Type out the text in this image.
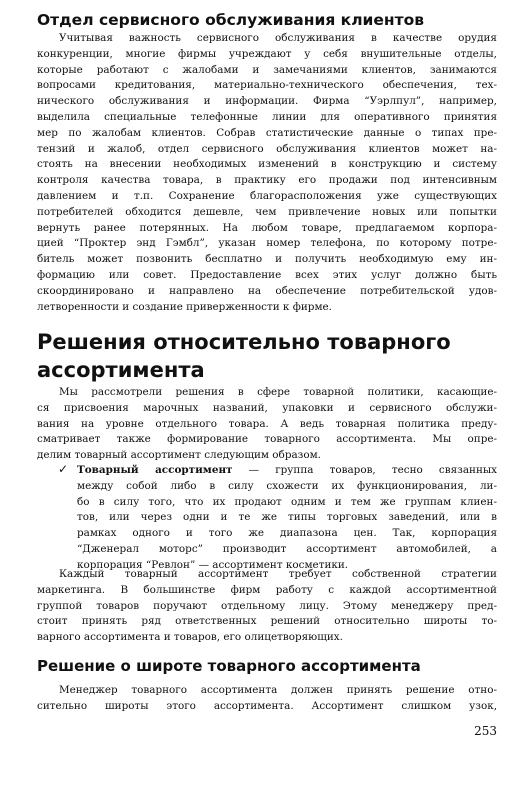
Отдел сервисного обслуживания клиентов
Учитывая важность сервисного обслуживания в качестве орудия
конкуренции, многие фирмы учреждают у себя внушительные отделы,
которые работают с жалобами и замечаниями клиентов, занимаются
вопросами кредитования, материально-технического обеспечения, тех-
нического обслуживания и информации. Фирма “Уэрлпул”, например,
выделила специальные телефонные линии для оперативного принятия
мер по жалобам клиентов. Собрав статистические данные о типах пре-
тензий и жалоб, отдел сервисного обслуживания клиентов может на-
стоять на внесении необходимых изменений в конструкцию и систему
контроля качества товара, в практику его продажи под интенсивным
давлением и т.п. Сохранение благорасположения уже существующих
потребителей обходится дешевле, чем привлечение новых или попытки
вернуть ранее потерянных. На любом товаре, предлагаемом корпора-
цией “Проктер энд Гэмбл”, указан номер телефона, по которому потре-
битель может позвонить бесплатно и получить необходимую ему ин-
формацию или совет. Предоставление всех этих услуг должно быть
скоординировано и направлено на обеспечение потребительской удов-
летворенности и создание приверженности к фирме.
Решения относительно товарного ассортимента
Мы рассмотрели решения в сфере товарной политики, касающие-
ся присвоения марочных названий, упаковки и сервисного обслужи-
вания на уровне отдельного товара. А ведь товарная политика преду-
сматривает также формирование товарного ассортимента. Мы опре-
делим товарный ассортимент следующим образом.
✓ Товарный ассортимент — группа товаров, тесно связанных
между собой либо в силу схожести их функционирования, ли-
бо в силу того, что их продают одним и тем же группам клиен-
тов, или через одни и те же типы торговых заведений, или в
рамках одного и того же диапазона цен. Так, корпорация
“Дженерал моторс” производит ассортимент автомобилей, а
корпорация “Ревлон” — ассортимент косметики.
Каждый товарный ассортимент требует собственной стратегии
маркетинга. В большинстве фирм работу с каждой ассортиментной
группой товаров поручают отдельному лицу. Этому менеджеру пред-
стоит принять ряд ответственных решений относительно широты то-
варного ассортимента и товаров, его олицетворяющих.
Решение о широте товарного ассортимента
Менеджер товарного ассортимента должен принять решение отно-
сительно широты этого ассортимента. Ассортимент слишком узок,
253
